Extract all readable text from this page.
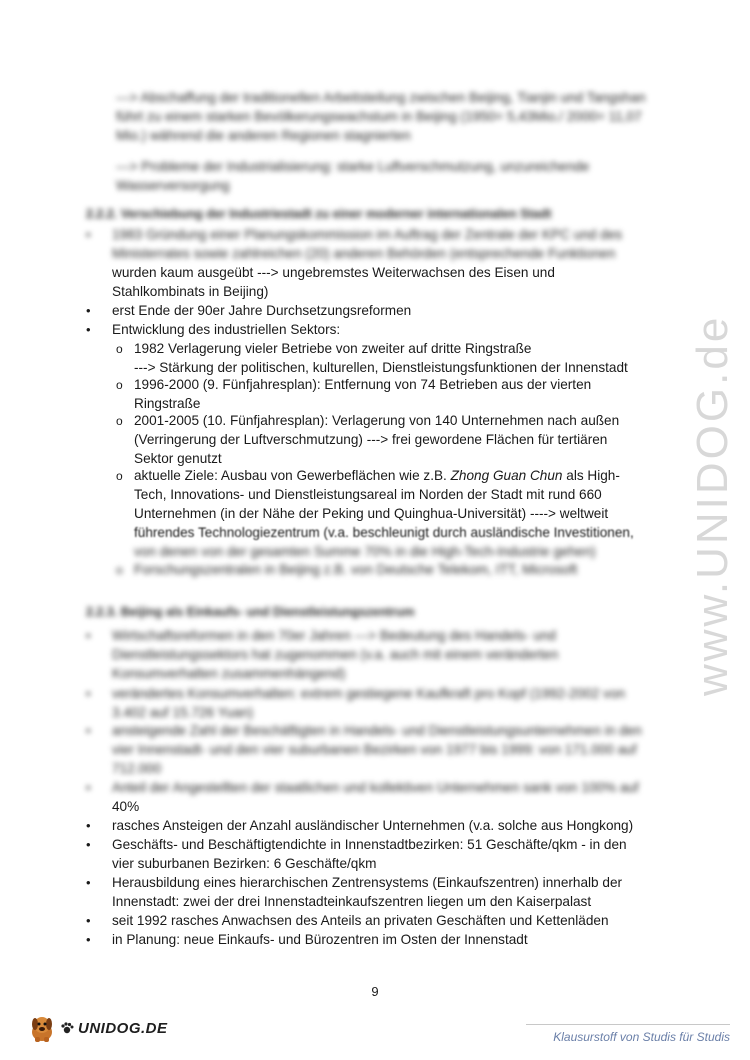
www.UNIDOG.de
---> Abschaffung der traditionellen Arbeitsteilung zwischen Beijing, Tianjin und Tangshan
führt zu einem starken Bevölkerungswachstum in Beijing (1950= 5,43Mio./ 2000= 11,07
Mio.) während die anderen Regionen stagnierten
---> Probleme der Industrialisierung: starke Luftverschmutzung, unzureichende
Wasserversorgung
2.2.2. Verschiebung der Industriestadt zu einer moderner internationalen Stadt
• 1983 Gründung einer Planungskommission im Auftrag der Zentrale der KPC und des
Ministerrates sowie zahlreichen (20) anderen Behörden (entsprechende Funktionen
wurden kaum ausgeübt ---> ungebremstes Weiterwachsen des Eisen und
Stahlkombinats in Beijing)
• erst Ende der 90er Jahre Durchsetzungsreformen
• Entwicklung des industriellen Sektors:
o 1982 Verlagerung vieler Betriebe von zweiter auf dritte Ringstraße
---> Stärkung der politischen, kulturellen, Dienstleistungsfunktionen der Innenstadt
o 1996-2000 (9. Fünfjahresplan): Entfernung von 74 Betrieben aus der vierten
Ringstraße
o 2001-2005 (10. Fünfjahresplan): Verlagerung von 140 Unternehmen nach außen
(Verringerung der Luftverschmutzung) ---> frei gewordene Flächen für tertiären
Sektor genutzt
o aktuelle Ziele: Ausbau von Gewerbeflächen wie z.B. Zhong Guan Chun als High-
Tech, Innovations- und Dienstleistungsareal im Norden der Stadt mit rund 660
Unternehmen (in der Nähe der Peking und Quinghua-Universität) ----> weltweit
führendes Technologiezentrum (v.a. beschleunigt durch ausländische Investitionen,
von denen von der gesamten Summe 70% in die High-Tech-Industrie gehen)
o Forschungszentralen in Beijing z.B. von Deutsche Telekom, ITT, Microsoft
2.2.3. Beijing als Einkaufs- und Dienstleistungszentrum
• Wirtschaftsreformen in den 70er Jahren ---> Bedeutung des Handels- und
Dienstleistungssektors hat zugenommen (v.a. auch mit einem veränderten
Konsumverhalten zusammenhängend)
• verändertes Konsumverhalten: extrem gestiegene Kaufkraft pro Kopf (1992-2002 von
3.402 auf 15.726 Yuan)
• ansteigende Zahl der Beschäftigten in Handels- und Dienstleistungsunternehmen in den
vier Innenstadt- und den vier suburbanen Bezirken von 1977 bis 1999: von 171.000 auf
712.000
• Anteil der Angestellten der staatlichen und kollektiven Unternehmen sank von 100% auf
40%
• rasches Ansteigen der Anzahl ausländischer Unternehmen (v.a. solche aus Hongkong)
• Geschäfts- und Beschäftigtendichte in Innenstadtbezirken: 51 Geschäfte/qkm - in den
vier suburbanen Bezirken: 6 Geschäfte/qkm
• Herausbildung eines hierarchischen Zentrensystems (Einkaufszentren) innerhalb der
Innenstadt: zwei der drei Innenstadteinkaufszentren liegen um den Kaiserpalast
• seit 1992 rasches Anwachsen des Anteils an privaten Geschäften und Kettenläden
• in Planung: neue Einkaufs- und Bürozentren im Osten der Innenstadt
9
UNIDOG.DE
Klausurstoff von Studis für Studis
